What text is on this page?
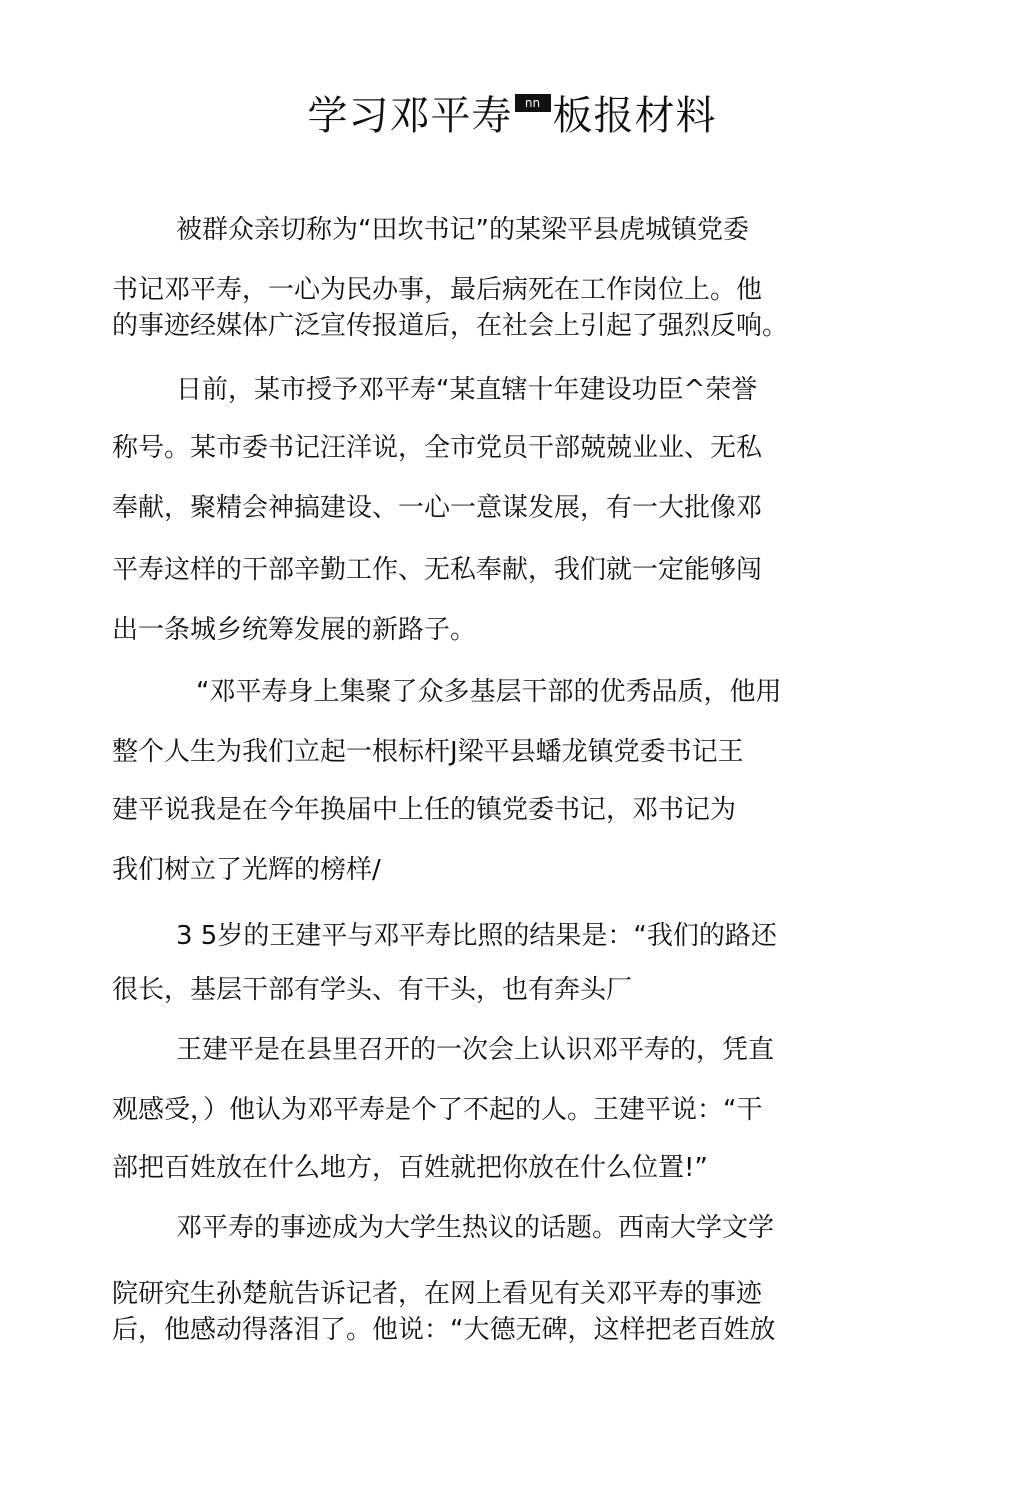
学习邓平寿 nn 板报材料
被群众亲切称为“田坎书记”的某梁平县虎城镇党委
书记邓平寿，一心为民办事，最后病死在工作岗位上。他
的事迹经媒体广泛宣传报道后，在社会上引起了强烈反响。
日前，某市授予邓平寿“某直辖十年建设功臣^荣誉
称号。某市委书记汪洋说，全市党员干部兢兢业业、无私
奉献，聚精会神搞建设、一心一意谋发展，有一大批像邓
平寿这样的干部辛勤工作、无私奉献，我们就一定能够闯
出一条城乡统筹发展的新路子。
“邓平寿身上集聚了众多基层干部的优秀品质，他用
整个人生为我们立起一根标杆J梁平县蟠龙镇党委书记王
建平说我是在今年换届中上任的镇党委书记，邓书记为
我们树立了光辉的榜样/
3 5岁的王建平与邓平寿比照的结果是：“我们的路还
很长，基层干部有学头、有干头，也有奔头厂
王建平是在县里召开的一次会上认识邓平寿的，凭直
观感受，）他认为邓平寿是个了不起的人。王建平说：“干
部把百姓放在什么地方，百姓就把你放在什么位置!”
邓平寿的事迹成为大学生热议的话题。西南大学文学
院研究生孙楚航告诉记者，在网上看见有关邓平寿的事迹
后，他感动得落泪了。他说：“大德无碑，这样把老百姓放
